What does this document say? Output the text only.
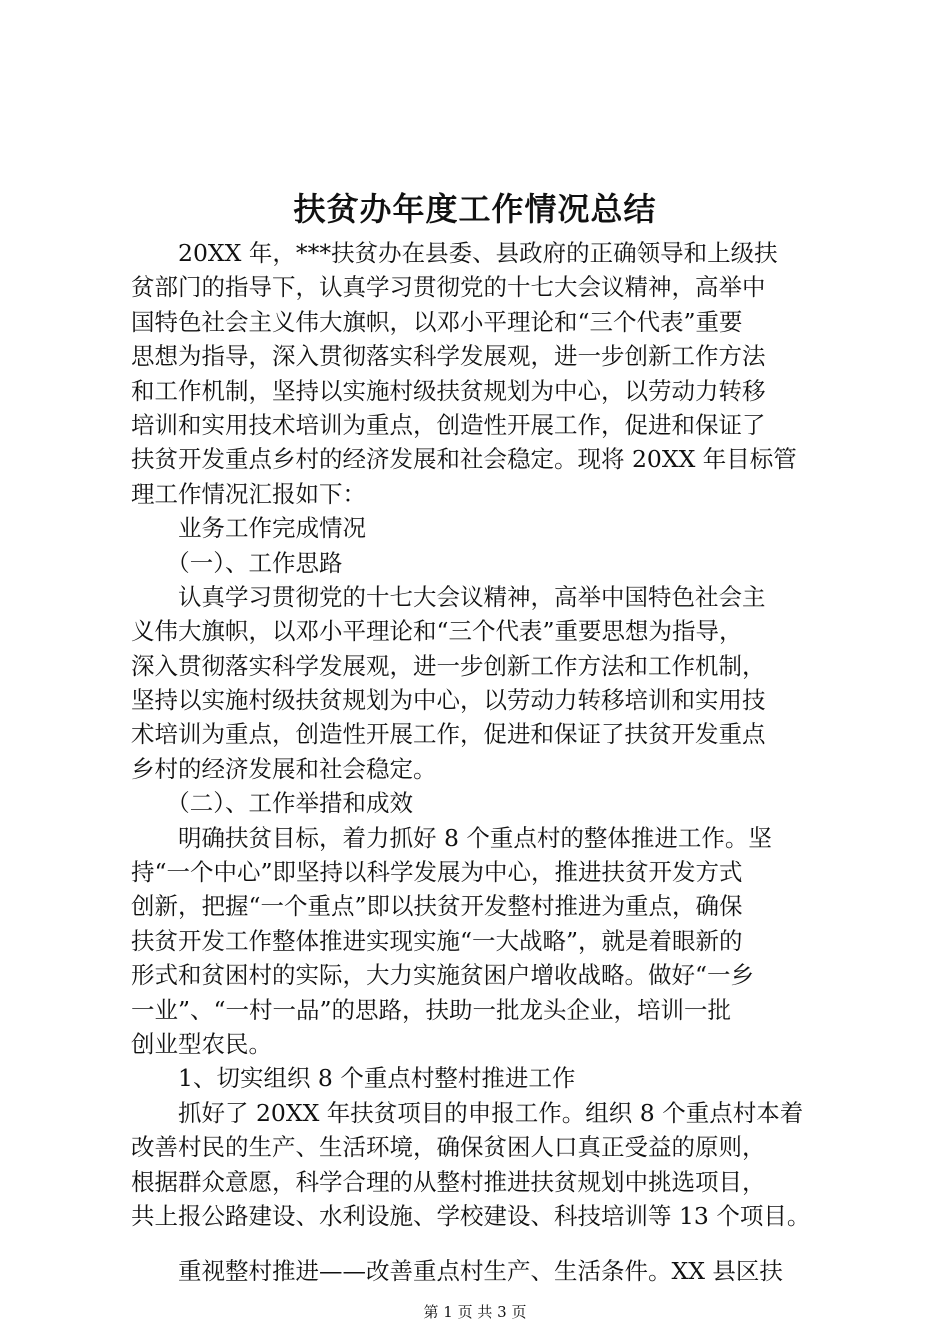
扶贫办年度工作情况总结
　　20XX 年，***扶贫办在县委、县政府的正确领导和上级扶
贫部门的指导下，认真学习贯彻党的十七大会议精神，高举中
国特色社会主义伟大旗帜，以邓小平理论和“三个代表”重要
思想为指导，深入贯彻落实科学发展观，进一步创新工作方法
和工作机制，坚持以实施村级扶贫规划为中心，以劳动力转移
培训和实用技术培训为重点，创造性开展工作，促进和保证了
扶贫开发重点乡村的经济发展和社会稳定。现将 20XX 年目标管
理工作情况汇报如下：
　　业务工作完成情况
　　（一）、工作思路
　　认真学习贯彻党的十七大会议精神，高举中国特色社会主
义伟大旗帜，以邓小平理论和“三个代表”重要思想为指导，
深入贯彻落实科学发展观，进一步创新工作方法和工作机制，
坚持以实施村级扶贫规划为中心，以劳动力转移培训和实用技
术培训为重点，创造性开展工作，促进和保证了扶贫开发重点
乡村的经济发展和社会稳定。
　　（二）、工作举措和成效
　　明确扶贫目标，着力抓好 8 个重点村的整体推进工作。坚
持“一个中心”即坚持以科学发展为中心，推进扶贫开发方式
创新，把握“一个重点”即以扶贫开发整村推进为重点，确保
扶贫开发工作整体推进实现实施“一大战略”，就是着眼新的
形式和贫困村的实际，大力实施贫困户增收战略。做好“一乡
一业”、“一村一品”的思路，扶助一批龙头企业，培训一批
创业型农民。
　　1、切实组织 8 个重点村整村推进工作
　　抓好了 20XX 年扶贫项目的申报工作。组织 8 个重点村本着
改善村民的生产、生活环境，确保贫困人口真正受益的原则，
根据群众意愿，科学合理的从整村推进扶贫规划中挑选项目，
共上报公路建设、水利设施、学校建设、科技培训等 13 个项目。
　　重视整村推进——改善重点村生产、生活条件。XX 县区扶
第 1 页 共 3 页
